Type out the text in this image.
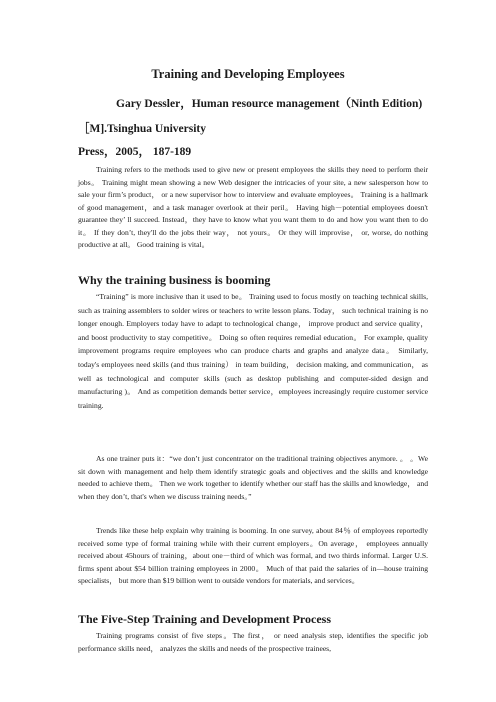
Training and Developing Employees
Gary Dessler，Human resource management（Ninth Edition)
［M].Tsinghua University
Press，2005， 187-189

Training refers to the methods used to give new or present employees the skills they need to perform their jobs。 Training might mean showing a new Web designer the intricacies of your site, a new salesperson how to sale your firm’s product， or a new supervisor how to interview and evaluate employees。 Training is a hallmark of good management，and a task manager overlook at their peril。 Having high－potential employees doesn't guarantee they’ ll succeed. Instead，they have to know what you want them to do and how you want then to do it。 If they don’t, they'll do the jobs their way， not yours。 Or they will improvise， or, worse, do nothing productive at all。 Good training is vital。

Why the training business is booming

“Training” is more inclusive than it used to be。 Training used to focus mostly on teaching technical skills, such as training assemblers to solder wires or teachers to write lesson plans. Today， such technical training is no longer enough. Employers today have to adapt to technological change， improve product and service quality， and boost productivity to stay competitive。 Doing so often requires remedial education。 For example, quality improvement programs require employees who can produce charts and graphs and analyze data。 Similarly, today's employees need skills (and thus training） in team building， decision making, and communication， as well as technological and computer skills (such as desktop publishing and computer-sided design and manufacturing )。 And as competition demands better service，employees increasingly require customer service training.

As one trainer puts it：“we don’t just concentrator on the traditional training objectives anymore. 。 。We sit down with management and help them identify strategic goals and objectives and the skills and knowledge needed to achieve them。 Then we work together to identify whether our staff has the skills and knowledge， and when they don’t, that's when we discuss training needs。”

Trends like these help explain why training is booming. In one survey, about 84％ of employees reportedly received some type of formal training while with their current employers。On average， employees annually received about 45hours of training，about one－third of which was formal, and two thirds informal. Larger U.S. firms spent about $54 billion training employees in 2000。 Much of that paid the salaries of in—house training specialists， but more than $19 billion went to outside vendors for materials, and services。

The Five-Step Training and Development Process

Training programs consist of five steps。The first， or need analysis step, identifies the specific job performance skills need， analyzes the skills and needs of the prospective trainees,
